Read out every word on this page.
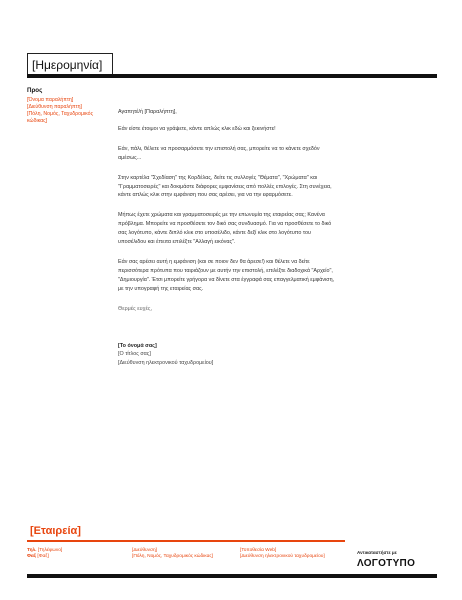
[Ημερομηνία]
Προς
[Όνομα παραλήπτη]
[Διεύθυνση παραλήπτη]
[Πόλη, Νομός, Ταχυδρομικός κώδικας]

Αγαπητέ/ή [Παραλήπτη],

Εάν είστε έτοιμοι να γράψετε, κάντε απλώς κλικ εδώ και ξεκινήστε!

Εάν, πάλι, θέλετε να προσαρμόσετε την επιστολή σας, μπορείτε να το κάνετε σχεδόν αμέσως...

Στην καρτέλα "Σχεδίαση" της Κορδέλας, δείτε τις συλλογές "Θέματα", "Χρώματα" και "Γραμματοσειρές" και δοκιμάστε διάφορες εμφανίσεις από πολλές επιλογές. Στη συνέχεια, κάντε απλώς κλικ στην εμφάνιση που σας αρέσει, για να την εφαρμόσετε.

Μήπως έχετε χρώματα και γραμματοσειρές με την επωνυμία της εταιρείας σας; Κανένα πρόβλημα. Μπορείτε να προσθέσετε τον δικό σας συνδυασμό. Για να προσθέσετε το δικό σας λογότυπο, κάντε διπλό κλικ στο υποσέλιδο, κάντε δεξί κλικ στο λογότυπο του υποσέλιδου και έπειτα επιλέξτε "Αλλαγή εικόνας".

Εάν σας αρέσει αυτή η εμφάνιση (και σε ποιον δεν θα άρεσε!) και θέλετε να δείτε περισσότερα πρότυπα που ταιριάζουν με αυτήν την επιστολή, επιλέξτε διαδοχικά "Αρχείο", "Δημιουργία". Έτσι μπορείτε γρήγορα να δίνετε στα έγγραφά σας επαγγελματική εμφάνιση, με την υπογραφή της εταιρείας σας.

Θερμές ευχές,

[Το όνομά σας]
[Ο τίτλος σας]
[Διεύθυνση ηλεκτρονικού ταχυδρομείου]
[Εταιρεία]
Τηλ. [Τηλέφωνο]
Φαξ [Φαξ]
[Διεύθυνση]
[Πόλη, Νομός, Ταχυδρομικός κώδικας]
[Τοποθεσία Web]
[Διεύθυνση ηλεκτρονικού ταχυδρομείου]
Αντικαταστήστε με
ΛΟΓΟΤΥΠΟ
